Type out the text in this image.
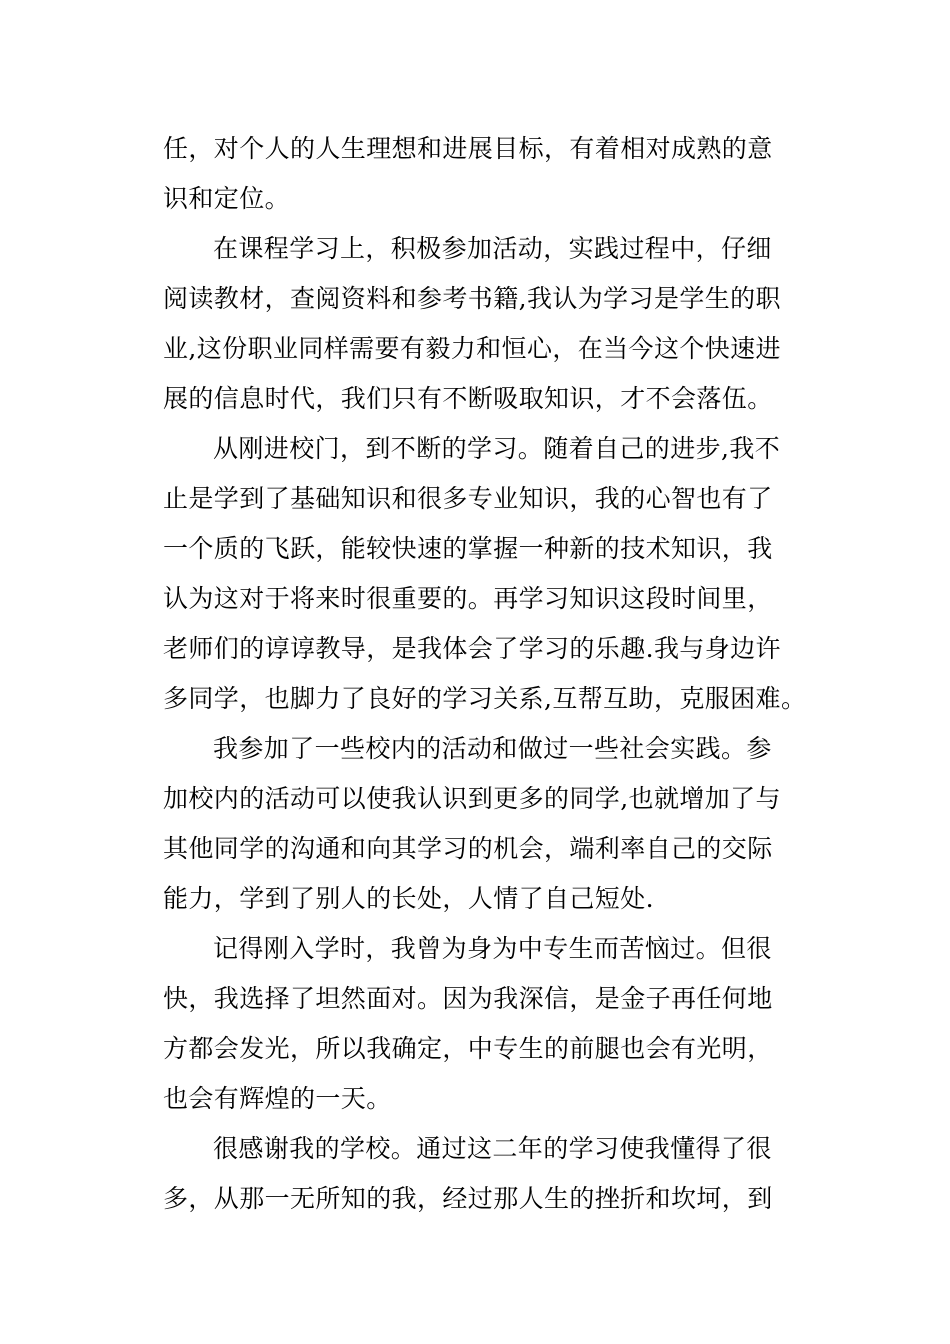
任，对个人的人生理想和进展目标，有着相对成熟的意
识和定位。
在课程学习上，积极参加活动，实践过程中，仔细
阅读教材，查阅资料和参考书籍,我认为学习是学生的职
业,这份职业同样需要有毅力和恒心，在当今这个快速进
展的信息时代，我们只有不断吸取知识，才不会落伍。
从刚进校门，到不断的学习。随着自己的进步,我不
止是学到了基础知识和很多专业知识，我的心智也有了
一个质的飞跃，能较快速的掌握一种新的技术知识，我
认为这对于将来时很重要的。再学习知识这段时间里，
老师们的谆谆教导，是我体会了学习的乐趣.我与身边许
多同学，也脚力了良好的学习关系,互帮互助，克服困难。
我参加了一些校内的活动和做过一些社会实践。参
加校内的活动可以使我认识到更多的同学,也就增加了与
其他同学的沟通和向其学习的机会，端利率自己的交际
能力，学到了别人的长处，人情了自己短处.
记得刚入学时，我曾为身为中专生而苦恼过。但很
快，我选择了坦然面对。因为我深信，是金子再任何地
方都会发光，所以我确定，中专生的前腿也会有光明，
也会有辉煌的一天。
很感谢我的学校。通过这二年的学习使我懂得了很
多，从那一无所知的我，经过那人生的挫折和坎坷，到
